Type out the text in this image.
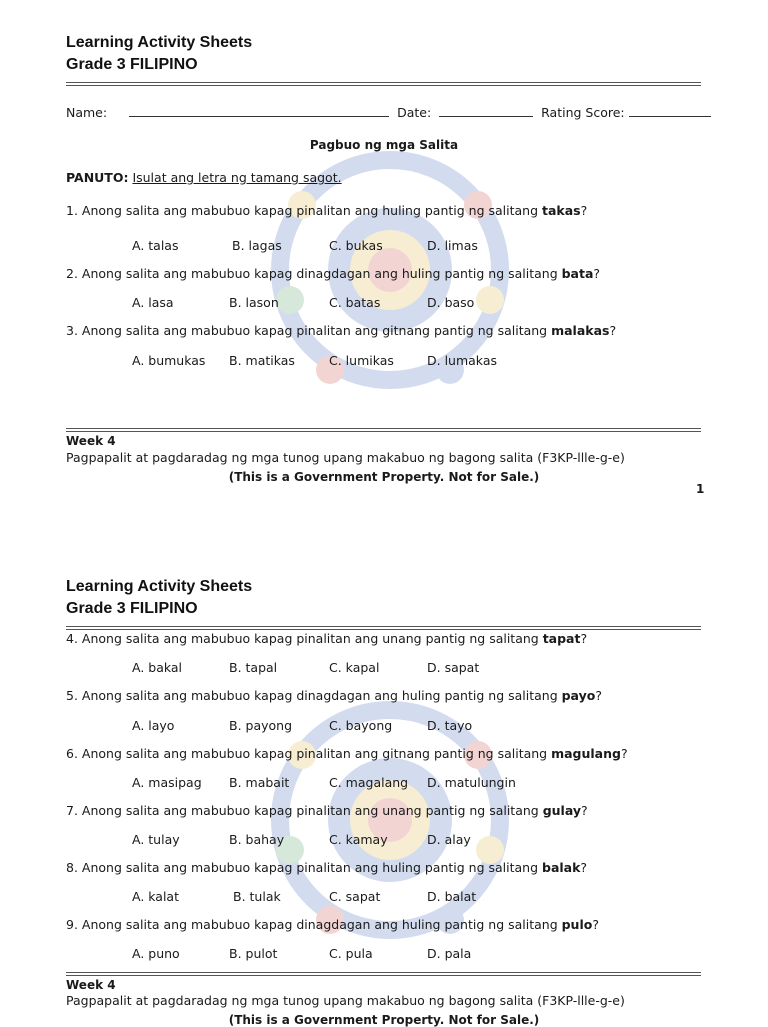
Learning Activity Sheets
Grade 3 FILIPINO
Name:	Date:	Rating Score:
Pagbuo ng mga Salita
PANUTO: Isulat ang letra ng tamang sagot.
1. Anong salita ang mabubuo kapag pinalitan ang huling pantig ng salitang takas?
A. talas	B. lagas	C. bukas	D. limas
2. Anong salita ang mabubuo kapag dinagdagan ang huling pantig ng salitang bata?
A. lasa	B. lason	C. batas	D. baso
3. Anong salita ang mabubuo kapag pinalitan ang gitnang pantig ng salitang malakas?
A. bumukas B. matikas	C. lumikas	D. lumakas
Week 4
Pagpapalit at pagdaradag ng mga tunog upang makabuo ng bagong salita (F3KP-llle-g-e)
(This is a Government Property. Not for Sale.)
1
Learning Activity Sheets
Grade 3 FILIPINO
4. Anong salita ang mabubuo kapag pinalitan ang unang pantig ng salitang tapat?
A. bakal	B. tapal	C. kapal	D. sapat
5. Anong salita ang mabubuo kapag dinagdagan ang huling pantig ng salitang payo?
A. layo	B. payong	C. bayong	D. tayo
6. Anong salita ang mabubuo kapag pinalitan ang gitnang pantig ng salitang magulang?
A. masipag B. mabait	C. magalang D. matulungin
7. Anong salita ang mabubuo kapag pinalitan ang unang pantig ng salitang gulay?
A. tulay	B. bahay	C. kamay	D. alay
8. Anong salita ang mabubuo kapag pinalitan ang huling pantig ng salitang balak?
A. kalat	B. tulak	C. sapat	D. balat
9. Anong salita ang mabubuo kapag dinagdagan ang huling pantig ng salitang pulo?
A. puno	B. pulot	C. pula	D. pala
Week 4
Pagpapalit at pagdaradag ng mga tunog upang makabuo ng bagong salita (F3KP-llle-g-e)
(This is a Government Property. Not for Sale.)
